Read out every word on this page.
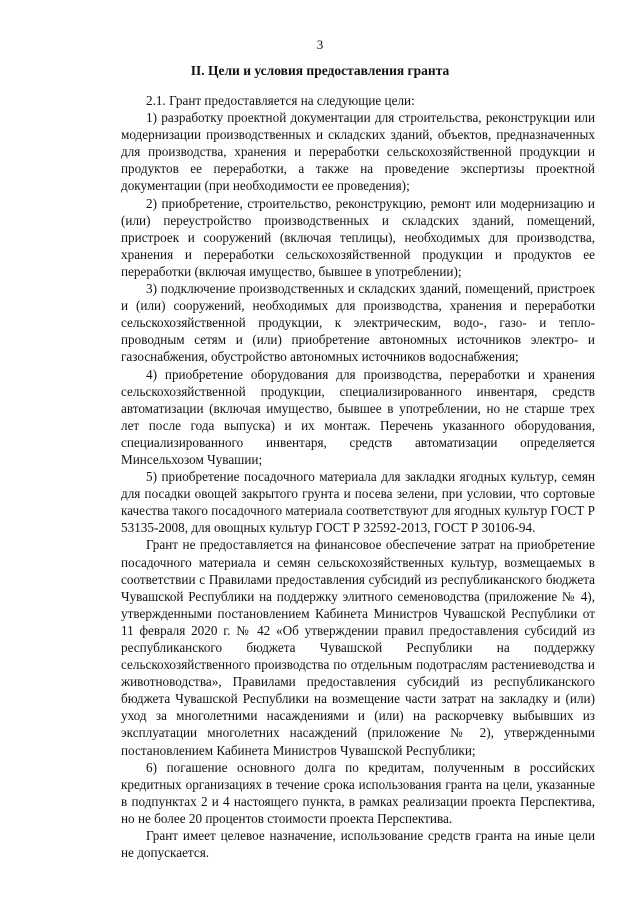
3
II. Цели и условия предоставления гранта

2.1. Грант предоставляется на следующие цели:

1) разработку проектной документации для строительства, реконструкции или модернизации производственных и складских зданий, объектов, предназначенных для производства, хранения и переработки сельскохозяйственной продукции и продуктов ее переработки, а также на проведение экспертизы проектной документации (при необходимости ее проведения);

2) приобретение, строительство, реконструкцию, ремонт или модернизацию и (или) переустройство производственных и складских зданий, помещений, пристроек и сооружений (включая теплицы), необходимых для производства, хранения и переработки сельскохозяйственной продукции и продуктов ее переработки (включая имущество, бывшее в употреблении);

3) подключение производственных и складских зданий, помещений, пристроек и (или) сооружений, необходимых для производства, хранения и переработки сельскохозяйственной продукции, к электрическим, водо-, газо- и тепло- проводным сетям и (или) приобретение автономных источников электро- и газоснабжения, обустройство автономных источников водоснабжения;

4) приобретение оборудования для производства, переработки и хранения сельскохозяйственной продукции, специализированного инвентаря, средств автоматизации (включая имущество, бывшее в употреблении, но не старше трех лет после года выпуска) и их монтаж. Перечень указанного оборудования, специализированного инвентаря, средств автоматизации определяется Минсельхозом Чувашии;

5) приобретение посадочного материала для закладки ягодных культур, семян для посадки овощей закрытого грунта и посева зелени, при условии, что сортовые качества такого посадочного материала соответствуют для ягодных культур ГОСТ Р 53135-2008, для овощных культур ГОСТ Р 32592-2013, ГОСТ Р 30106-94.

Грант не предоставляется на финансовое обеспечение затрат на приобретение посадочного материала и семян сельскохозяйственных культур, возмещаемых в соответствии с Правилами предоставления субсидий из республиканского бюджета Чувашской Республики на поддержку элитного семеноводства (приложение № 4), утвержденными постановлением Кабинета Министров Чувашской Республики от 11 февраля 2020 г. № 42 «Об утверждении правил предоставления субсидий из республиканского бюджета Чувашской Республики на поддержку сельскохозяйственного производства по отдельным подотраслям растениеводства и животноводства», Правилами предоставления субсидий из республиканского бюджета Чувашской Республики на возмещение части затрат на закладку и (или) уход за многолетними насаждениями и (или) на раскорчевку выбывших из эксплуатации многолетних насаждений (приложение № 2), утвержденными постановлением Кабинета Министров Чувашской Республики;

6) погашение основного долга по кредитам, полученным в российских кредитных организациях в течение срока использования гранта на цели, указанные в подпунктах 2 и 4 настоящего пункта, в рамках реализации проекта Перспектива, но не более 20 процентов стоимости проекта Перспектива.

Грант имеет целевое назначение, использование средств гранта на иные цели не допускается.
